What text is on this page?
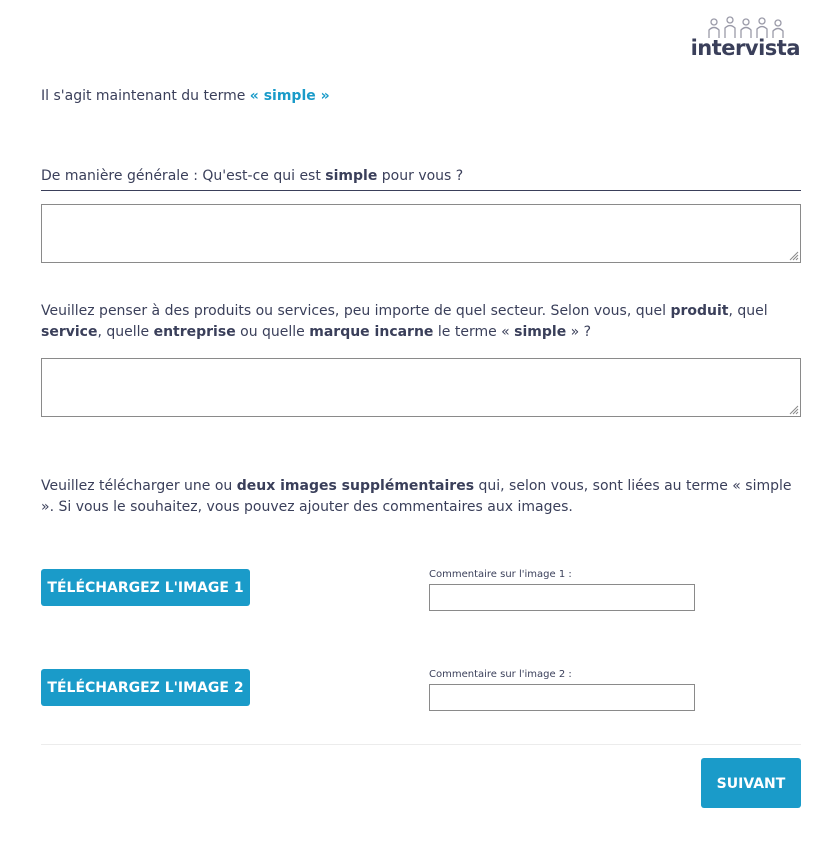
intervista
Il s'agit maintenant du terme « simple »
De manière générale : Qu'est-ce qui est simple pour vous ?
Veuillez penser à des produits ou services, peu importe de quel secteur. Selon vous, quel produit, quel service, quelle entreprise ou quelle marque incarne le terme « simple » ?
Veuillez télécharger une ou deux images supplémentaires qui, selon vous, sont liées au terme « simple ». Si vous le souhaitez, vous pouvez ajouter des commentaires aux images.
TÉLÉCHARGEZ L'IMAGE 1
Commentaire sur l'image 1 :
TÉLÉCHARGEZ L'IMAGE 2
Commentaire sur l'image 2 :
SUIVANT
